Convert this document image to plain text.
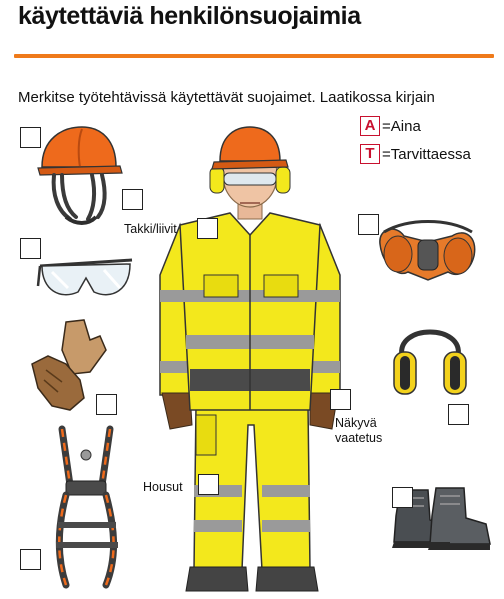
käytettäviä henkilönsuojaimia
Merkitse työtehtävissä käytettävät suojaimet. Laatikossa kirjain
A =Aina
T =Tarvittaessa
Takki/liivit
Näkyvä vaatetus
Housut
